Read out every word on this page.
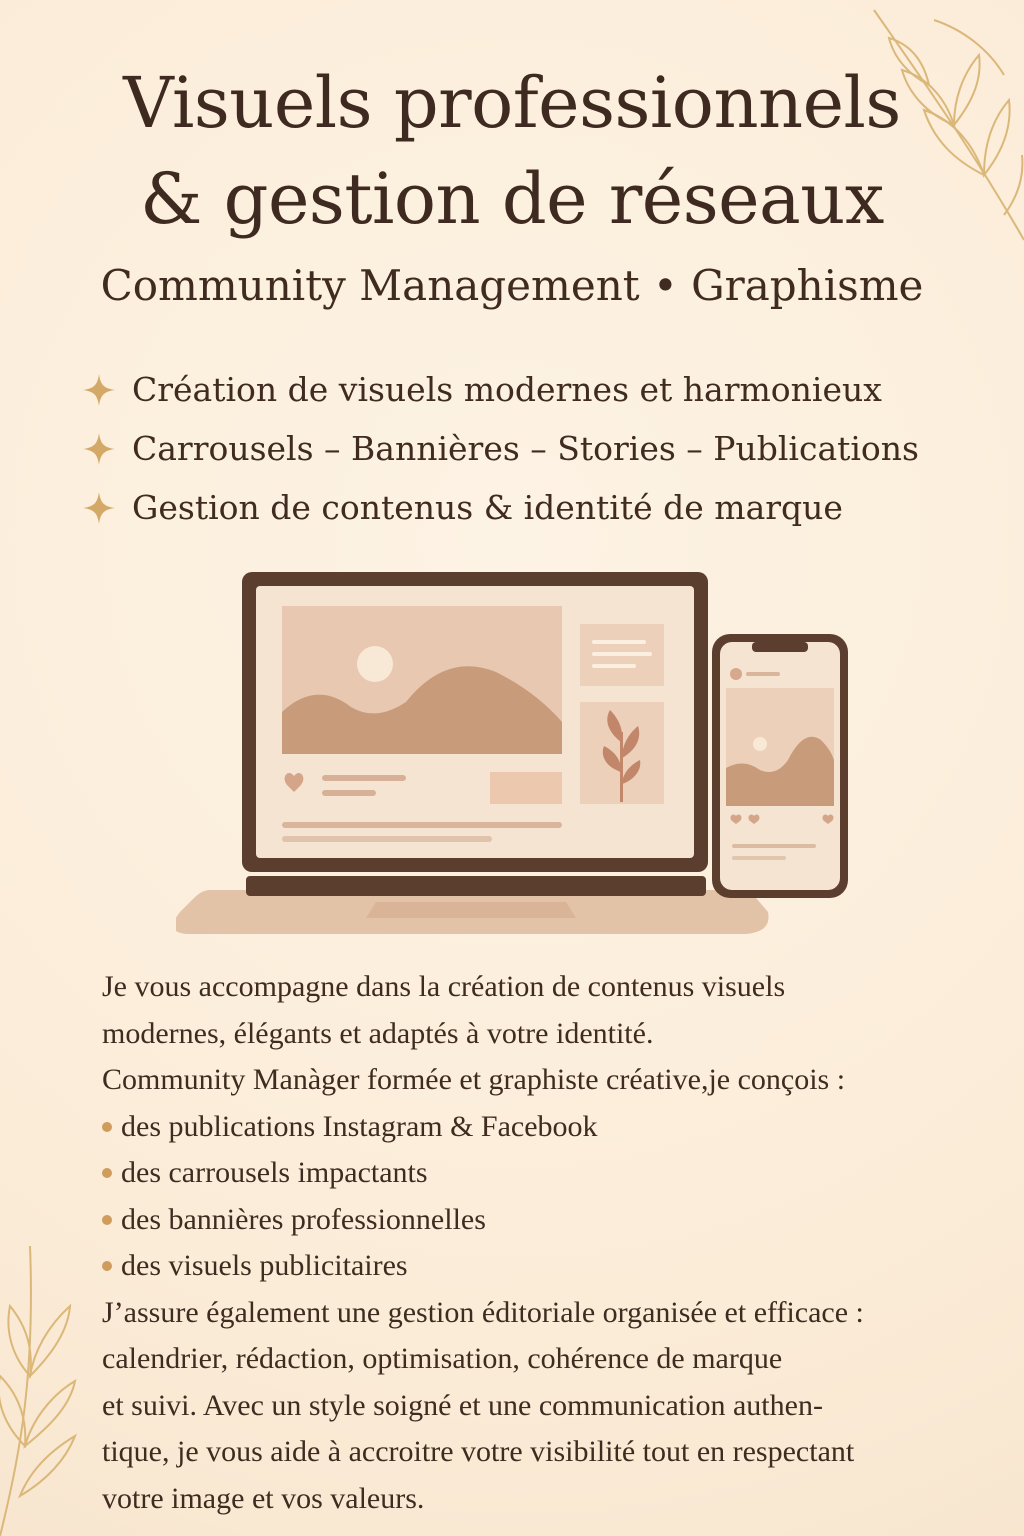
Visuels professionnels
& gestion de réseaux

Community Management • Graphisme

Création de visuels modernes et harmonieux
Carrousels – Bannières – Stories – Publications
Gestion de contenus & identité de marque

Je vous accompagne dans la création de contenus visuels

modernes, élégants et adaptés à votre identité.

Community Manàger formée et graphiste créative,je conçois :

des publications Instagram & Facebook
des carrousels impactants
des bannières professionnelles
des visuels publicitaires

J’assure également une gestion éditoriale organisée et efficace :

calendrier, rédaction, optimisation, cohérence de marque

et suivi. Avec un style soigné et une communication authen-

tique, je vous aide à accroitre votre visibilité tout en respectant

votre image et vos valeurs.
